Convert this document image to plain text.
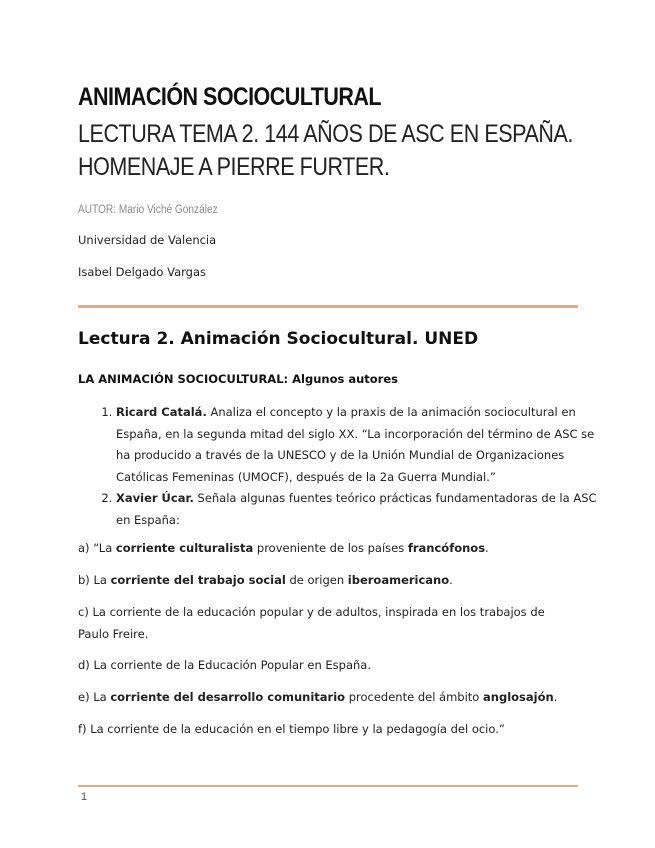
ANIMACIÓN SOCIOCULTURAL
LECTURA TEMA 2. 144 AÑOS DE ASC EN ESPAÑA. HOMENAJE A PIERRE FURTER.
AUTOR: Mario Viché González
Universidad de Valencia
Isabel Delgado Vargas
Lectura 2. Animación Sociocultural. UNED
LA ANIMACIÓN SOCIOCULTURAL: Algunos autores
1. Ricard Catalá. Analiza el concepto y la praxis de la animación sociocultural en España, en la segunda mitad del siglo XX. “La incorporación del término de ASC se ha producido a través de la UNESCO y de la Unión Mundial de Organizaciones Católicas Femeninas (UMOCF), después de la 2a Guerra Mundial.”
2. Xavier Úcar. Señala algunas fuentes teórico prácticas fundamentadoras de la ASC en España:

a) “La corriente culturalista proveniente de los países francófonos.

b) La corriente del trabajo social de origen iberoamericano.

c) La corriente de la educación popular y de adultos, inspirada en los trabajos de Paulo Freire.

d) La corriente de la Educación Popular en España.

e) La corriente del desarrollo comunitario procedente del ámbito anglosajón.

f) La corriente de la educación en el tiempo libre y la pedagogía del ocio.”

1
